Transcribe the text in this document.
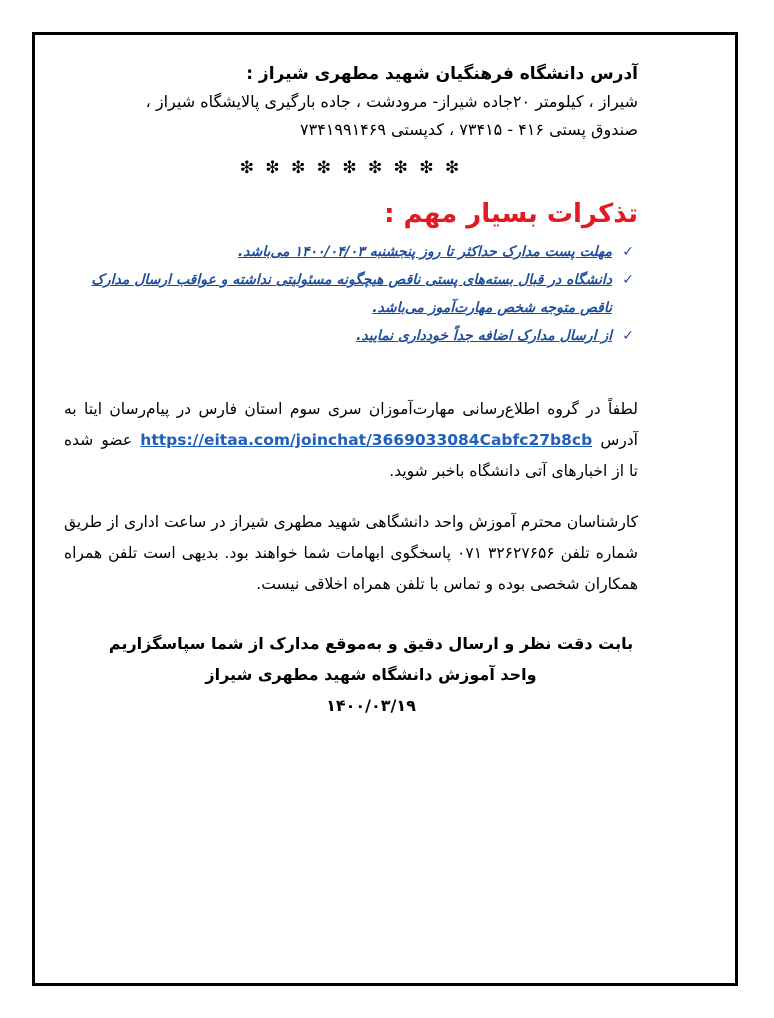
آدرس دانشگاه فرهنگیان شهید مطهری شیراز :
شیراز ، کیلومتر ۲۰جاده شیراز- مرودشت ، جاده بارگیری پالایشگاه شیراز ،
صندوق پستی ۴۱۶ - ۷۳۴۱۵ ، کدپستی ۷۳۴۱۹۹۱۴۶۹
❇ ❇ ❇ ❇ ❇ ❇ ❇ ❇ ❇
تذکرات بسیار مهم :
✓
مهلت پست مدارک حداکثر تا روز پنجشنبه ۱۴۰۰/۰۴/۰۳ می‌باشد.
✓
دانشگاه در قبال بسته‌های پستی ناقص هیچگونه مسئولیتی نداشته و عواقب ارسال مدارک ناقص متوجه شخص مهارت‌آموز می‌باشد.
✓
از ارسال مدارک اضافه جداً خودداری نمایید.
لطفاً در گروه اطلاع‌رسانی مهارت‌آموزان سری سوم استان فارس در پیام‌رسان ایتا به آدرس https://eitaa.com/joinchat/3669033084Cabfc27b8cb عضو شده تا از اخبارهای آتی دانشگاه باخبر شوید.
کارشناسان محترم آموزش واحد دانشگاهی شهید مطهری شیراز در ساعت اداری از طریق شماره تلفن ۳۲۶۲۷۶۵۶ ۰۷۱ پاسخگوی ابهامات شما خواهند بود. بدیهی است تلفن همراه همکاران شخصی بوده و تماس با تلفن همراه اخلاقی نیست.
بابت دقت نظر و ارسال دقیق و به‌موقع مدارک از شما سپاسگزاریم
واحد آموزش دانشگاه شهید مطهری شیراز
۱۴۰۰/۰۳/۱۹
